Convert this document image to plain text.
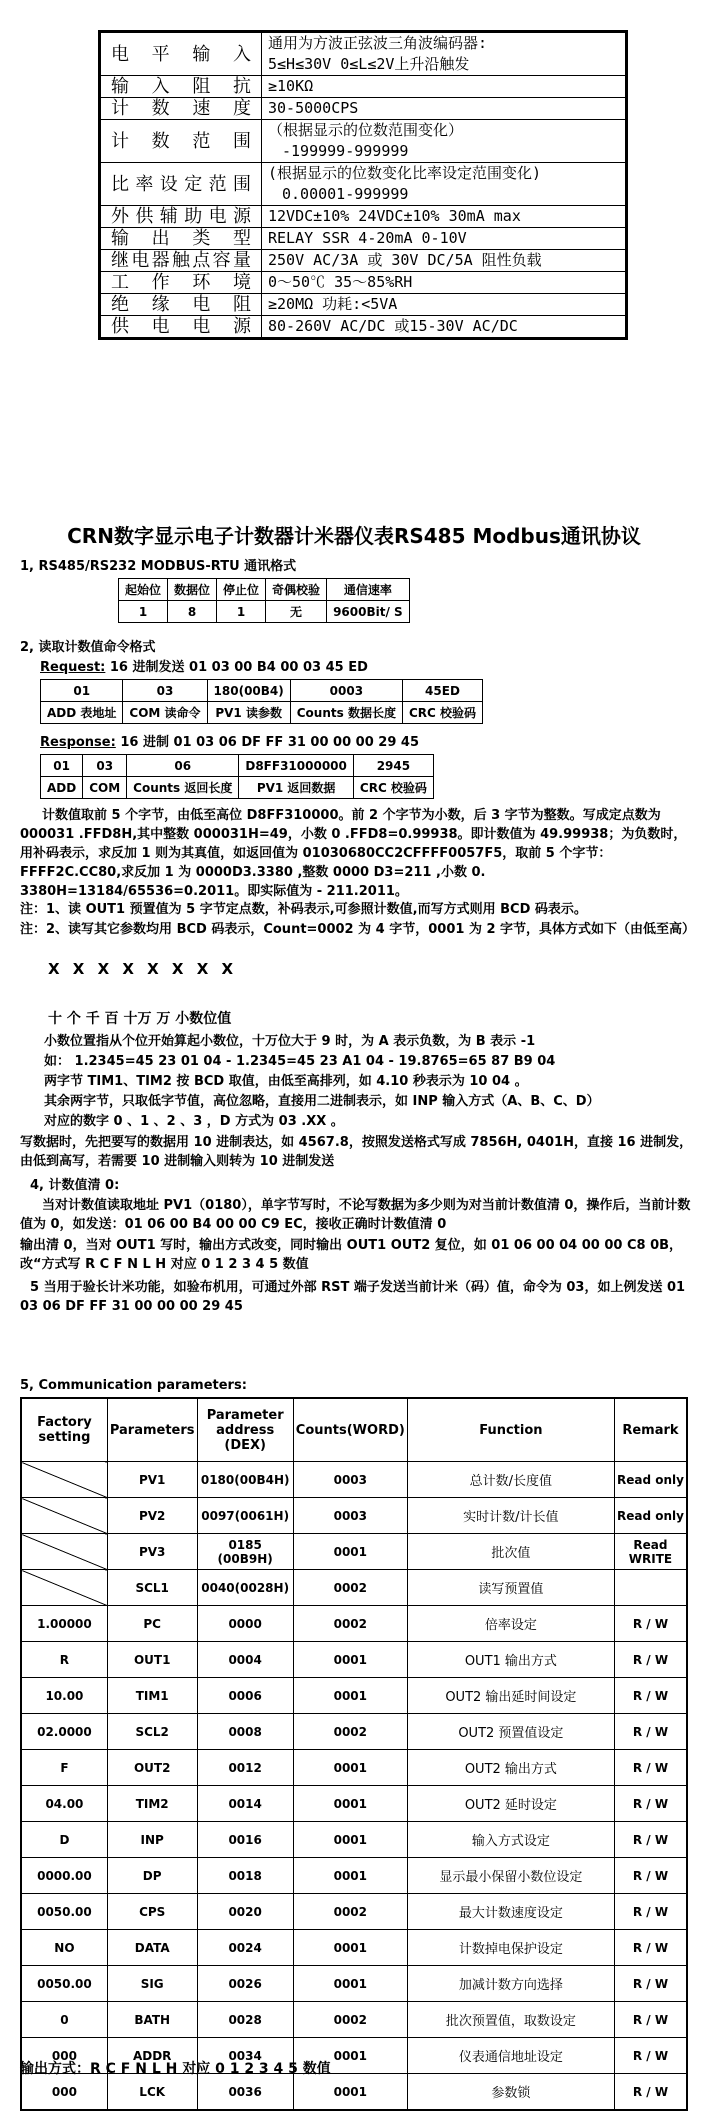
电平输入	通用为方波正弦波三角波编码器:
5≤H≤30V 0≤L≤2V上升沿触发

输入阻抗	≥10KΩ

计数速度	30-5000CPS

计数范围	（根据显示的位数范围变化）
-199999-999999

比率设定范围	(根据显示的位数变化比率设定范围变化)
0.00001-999999

外供辅助电源	12VDC±10% 24VDC±10% 30mA max

输出类型	RELAY SSR 4-20mA 0-10V

继电器触点容量	250V AC/3A 或 30V DC/5A 阻性负载

工作环境	0～50℃ 35～85%RH

绝缘电阻	≥20MΩ 功耗:<5VA

供电电源	80-260V AC/DC 或15-30V AC/DC
CRN数字显示电子计数器计米器仪表RS485 Modbus通讯协议
1, RS485/RS232 MODBUS-RTU 通讯格式
起始位	数据位	停止位	奇偶校验	通信速率
1	8	1	无	9600Bit/ S
2, 读取计数值命令格式
Request: 16 进制发送 01 03 00 B4 00 03 45 ED
01	03	180(00B4)	0003	45ED
ADD 表地址	COM 读命令	PV1 读参数	Counts 数据长度	CRC 校验码
Response: 16 进制 01 03 06 DF FF 31 00 00 00 29 45
01	03	06	D8FF31000000	2945
ADD	COM	Counts 返回长度	PV1 返回数据	CRC 校验码
计数值取前 5 个字节，由低至高位 D8FF310000。前 2 个字节为小数，后 3 字节为整数。写成定点数为 000031 .FFD8H,其中整数 000031H=49，小数 0 .FFD8=0.99938。即计数值为 49.99938；为负数时，用补码表示，求反加 1 则为其真值，如返回值为 01030680CC2CFFFF0057F5，取前 5 个字节：FFFF2C.CC80,求反加 1 为 0000D3.3380 ,整数 0000 D3=211 ,小数 0. 3380H=13184/65536=0.2011。即实际值为 - 211.2011。
注：1、读 OUT1 预置值为 5 字节定点数，补码表示,可参照计数值,而写方式则用 BCD 码表示。
注：2、读写其它参数均用 BCD 码表示，Count=0002 为 4 字节，0001 为 2 字节，具体方式如下（由低至高）
X X X X X X X X
十 个 千 百 十万 万 小数位值
小数位置指从个位开始算起小数位，十万位大于 9 时，为 A 表示负数，为 B 表示 -1
如： 1.2345=45 23 01 04 - 1.2345=45 23 A1 04 - 19.8765=65 87 B9 04
两字节 TIM1、TIM2 按 BCD 取值，由低至高排列，如 4.10 秒表示为 10 04 。
其余两字节，只取低字节值，高位忽略，直接用二进制表示，如 INP 输入方式（A、B、C、D）
对应的数字 0 、1 、2 、3 ，D 方式为 03 .XX 。
写数据时，先把要写的数据用 10 进制表达，如 4567.8，按照发送格式写成 7856H, 0401H，直接 16 进制发，由低到高写，若需要 10 进制输入则转为 10 进制发送
4, 计数值清 0:
当对计数值读取地址 PV1（0180），单字节写时，不论写数据为多少则为对当前计数值清 0，操作后，当前计数值为 0，如发送：01 06 00 B4 00 00 C9 EC，接收正确时计数值清 0
输出清 0，当对 OUT1 写时，输出方式改变，同时输出 OUT1 OUT2 复位，如 01 06 00 04 00 00 C8 0B，改“方式写 R C F N L H 对应 0 1 2 3 4 5 数值
5 当用于验长计米功能，如验布机用，可通过外部 RST 端子发送当前计米（码）值，命令为 03，如上例发送 01 03 06 DF FF 31 00 00 00 29 45
5, Communication parameters:
Factory setting	Parameters	Parameter address (DEX)	Counts(WORD)	Function	Remark
	PV1	0180(00B4H)	0003	总计数/长度值	Read only
	PV2	0097(0061H)	0003	实时计数/计长值	Read only
	PV3	0185 (00B9H)	0001	批次值	Read WRITE
	SCL1	0040(0028H)	0002	读写预置值	
1.00000	PC	0000	0002	倍率设定	R / W
R	OUT1	0004	0001	OUT1 输出方式	R / W
10.00	TIM1	0006	0001	OUT2 输出延时间设定	R / W
02.0000	SCL2	0008	0002	OUT2 预置值设定	R / W
F	OUT2	0012	0001	OUT2 输出方式	R / W
04.00	TIM2	0014	0001	OUT2 延时设定	R / W
D	INP	0016	0001	输入方式设定	R / W
0000.00	DP	0018	0001	显示最小保留小数位设定	R / W
0050.00	CPS	0020	0002	最大计数速度设定	R / W
NO	DATA	0024	0001	计数掉电保护设定	R / W
0050.00	SIG	0026	0001	加减计数方向选择	R / W
0	BATH	0028	0002	批次预置值，取数设定	R / W
000	ADDR	0034	0001	仪表通信地址设定	R / W
000	LCK	0036	0001	参数锁	R / W
输出方式：R C F N L H 对应 0 1 2 3 4 5 数值
